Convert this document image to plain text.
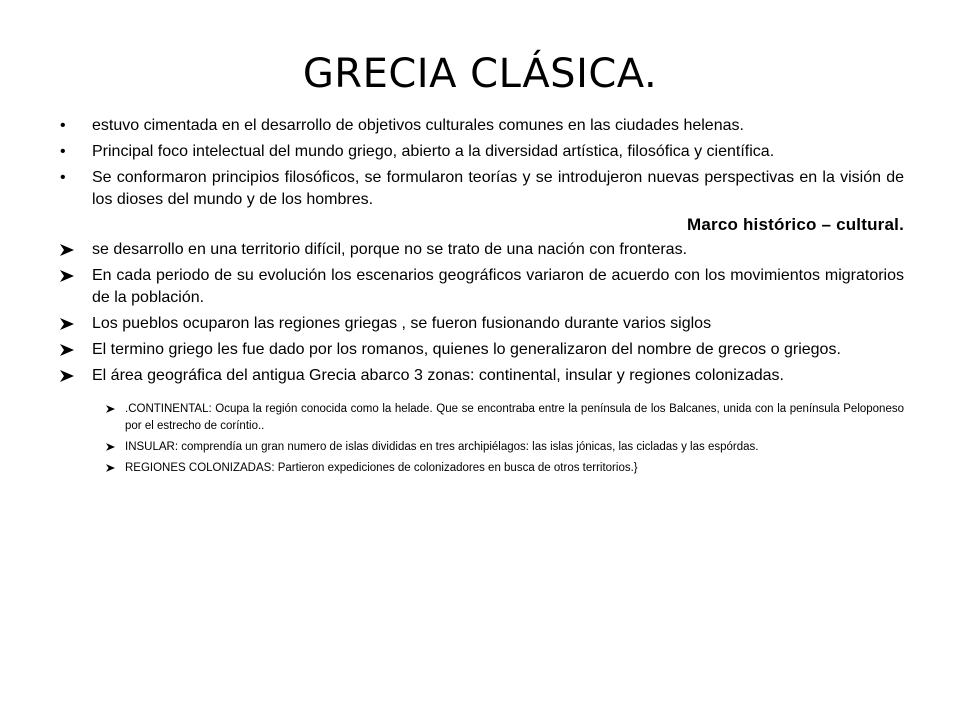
GRECIA CLÁSICA.
•	estuvo cimentada en el desarrollo de objetivos culturales comunes en las ciudades helenas.
•	Principal foco intelectual del mundo griego, abierto a la diversidad artística, filosófica y científica.
•	Se conformaron principios filosóficos, se formularon teorías y se introdujeron nuevas perspectivas en la visión de los dioses del mundo y de los hombres.
Marco histórico – cultural.
se desarrollo en una territorio difícil, porque no se trato de una nación con fronteras.
En cada periodo de su evolución los escenarios geográficos variaron de acuerdo con los movimientos migratorios de la población.
Los pueblos ocuparon las regiones griegas , se fueron fusionando durante varios siglos
El termino griego les fue dado por los romanos, quienes lo generalizaron del nombre de grecos o griegos.
El área geográfica del antigua Grecia abarco 3 zonas: continental, insular y regiones colonizadas.
.CONTINENTAL: Ocupa la región conocida como la helade. Que se encontraba entre la península de los Balcanes, unida con la península Peloponeso por el estrecho de coríntio..
INSULAR: comprendía un gran numero de islas divididas en tres archipiélagos: las islas jónicas, las cicladas y las espórdas.
REGIONES COLONIZADAS: Partieron expediciones de colonizadores en busca de otros territorios.}
